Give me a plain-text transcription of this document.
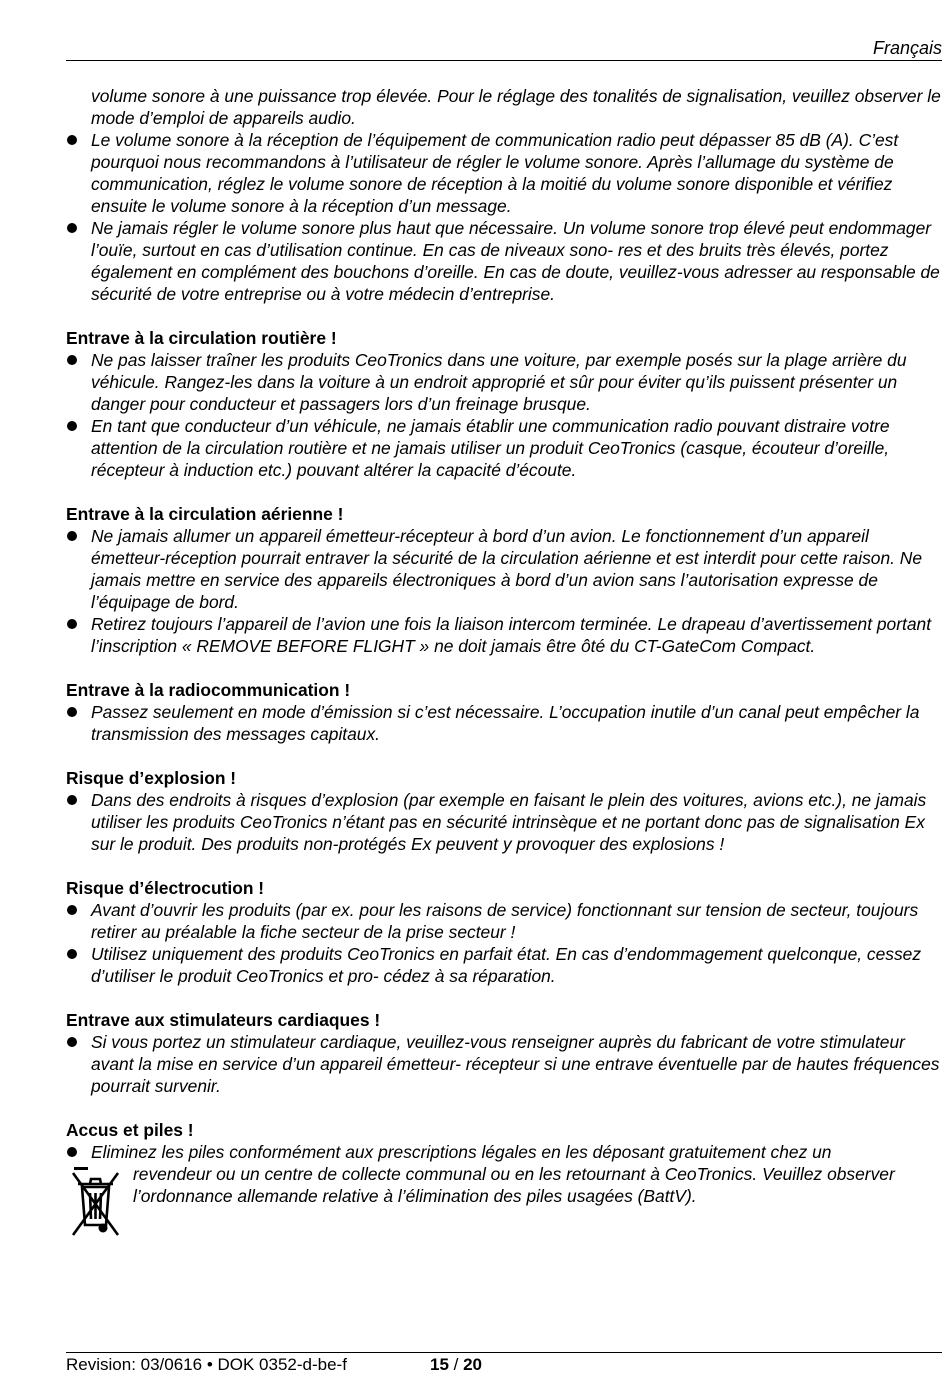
Français

volume sonore à une puissance trop élevée. Pour le réglage des tonalités de signalisation, veuillez observer le mode d’emploi de appareils audio.

Le volume sonore à la réception de l’équipement de communication radio peut dépasser 85 dB (A). C’est pourquoi nous recommandons à l’utilisateur de régler le volume sonore. Après l’allumage du système de communication, réglez le volume sonore de réception à la moitié du volume sonore disponible et vérifiez ensuite le volume sonore à la réception d’un message.

Ne jamais régler le volume sonore plus haut que nécessaire. Un volume sonore trop élevé peut endommager l’ouïe, surtout en cas d’utilisation continue. En cas de niveaux sono- res et des bruits très élevés, portez également en complément des bouchons d’oreille. En cas de doute, veuillez-vous adresser au responsable de sécurité de votre entreprise ou à votre médecin d’entreprise.

Entrave à la circulation routière !

Ne pas laisser traîner les produits CeoTronics dans une voiture, par exemple posés sur la plage arrière du véhicule. Rangez-les dans la voiture à un endroit approprié et sûr pour éviter qu’ils puissent présenter un danger pour conducteur et passagers lors d’un freinage brusque.

En tant que conducteur d’un véhicule, ne jamais établir une communication radio pouvant distraire votre attention de la circulation routière et ne jamais utiliser un produit CeoTronics (casque, écouteur d’oreille, récepteur à induction etc.) pouvant altérer la capacité d’écoute.

Entrave à la circulation aérienne !

Ne jamais allumer un appareil émetteur-récepteur à bord d’un avion. Le fonctionnement d’un appareil émetteur-réception pourrait entraver la sécurité de la circulation aérienne et est interdit pour cette raison. Ne jamais mettre en service des appareils électroniques à bord d’un avion sans l’autorisation expresse de l’équipage de bord.

Retirez toujours l’appareil de l’avion une fois la liaison intercom terminée. Le drapeau d’avertissement portant l’inscription « REMOVE BEFORE FLIGHT » ne doit jamais être ôté du CT-GateCom Compact.

Entrave à la radiocommunication !

Passez seulement en mode d’émission si c’est nécessaire. L’occupation inutile d’un canal peut empêcher la transmission des messages capitaux.

Risque d’explosion !

Dans des endroits à risques d’explosion (par exemple en faisant le plein des voitures, avions etc.), ne jamais utiliser les produits CeoTronics n’étant pas en sécurité intrinsèque et ne portant donc pas de signalisation Ex sur le produit. Des produits non-protégés Ex peuvent y provoquer des explosions !

Risque d’électrocution !

Avant d’ouvrir les produits (par ex. pour les raisons de service) fonctionnant sur tension de secteur, toujours retirer au préalable la fiche secteur de la prise secteur !

Utilisez uniquement des produits CeoTronics en parfait état. En cas d’endommagement quelconque, cessez d’utiliser le produit CeoTronics et pro- cédez à sa réparation.

Entrave aux stimulateurs cardiaques !

Si vous portez un stimulateur cardiaque, veuillez-vous renseigner auprès du fabricant de votre stimulateur avant la mise en service d’un appareil émetteur- récepteur si une entrave éventuelle par de hautes fréquences pourrait survenir.

Accus et piles !

Eliminez les piles conformément aux prescriptions légales en les déposant gratuitement chez un
revendeur ou un centre de collecte communal ou en les retournant à CeoTronics. Veuillez observer l’ordonnance allemande relative à l’élimination des piles usagées (BattV).
Revision: 03/0616 • DOK 0352-d-be-f	15 / 20
